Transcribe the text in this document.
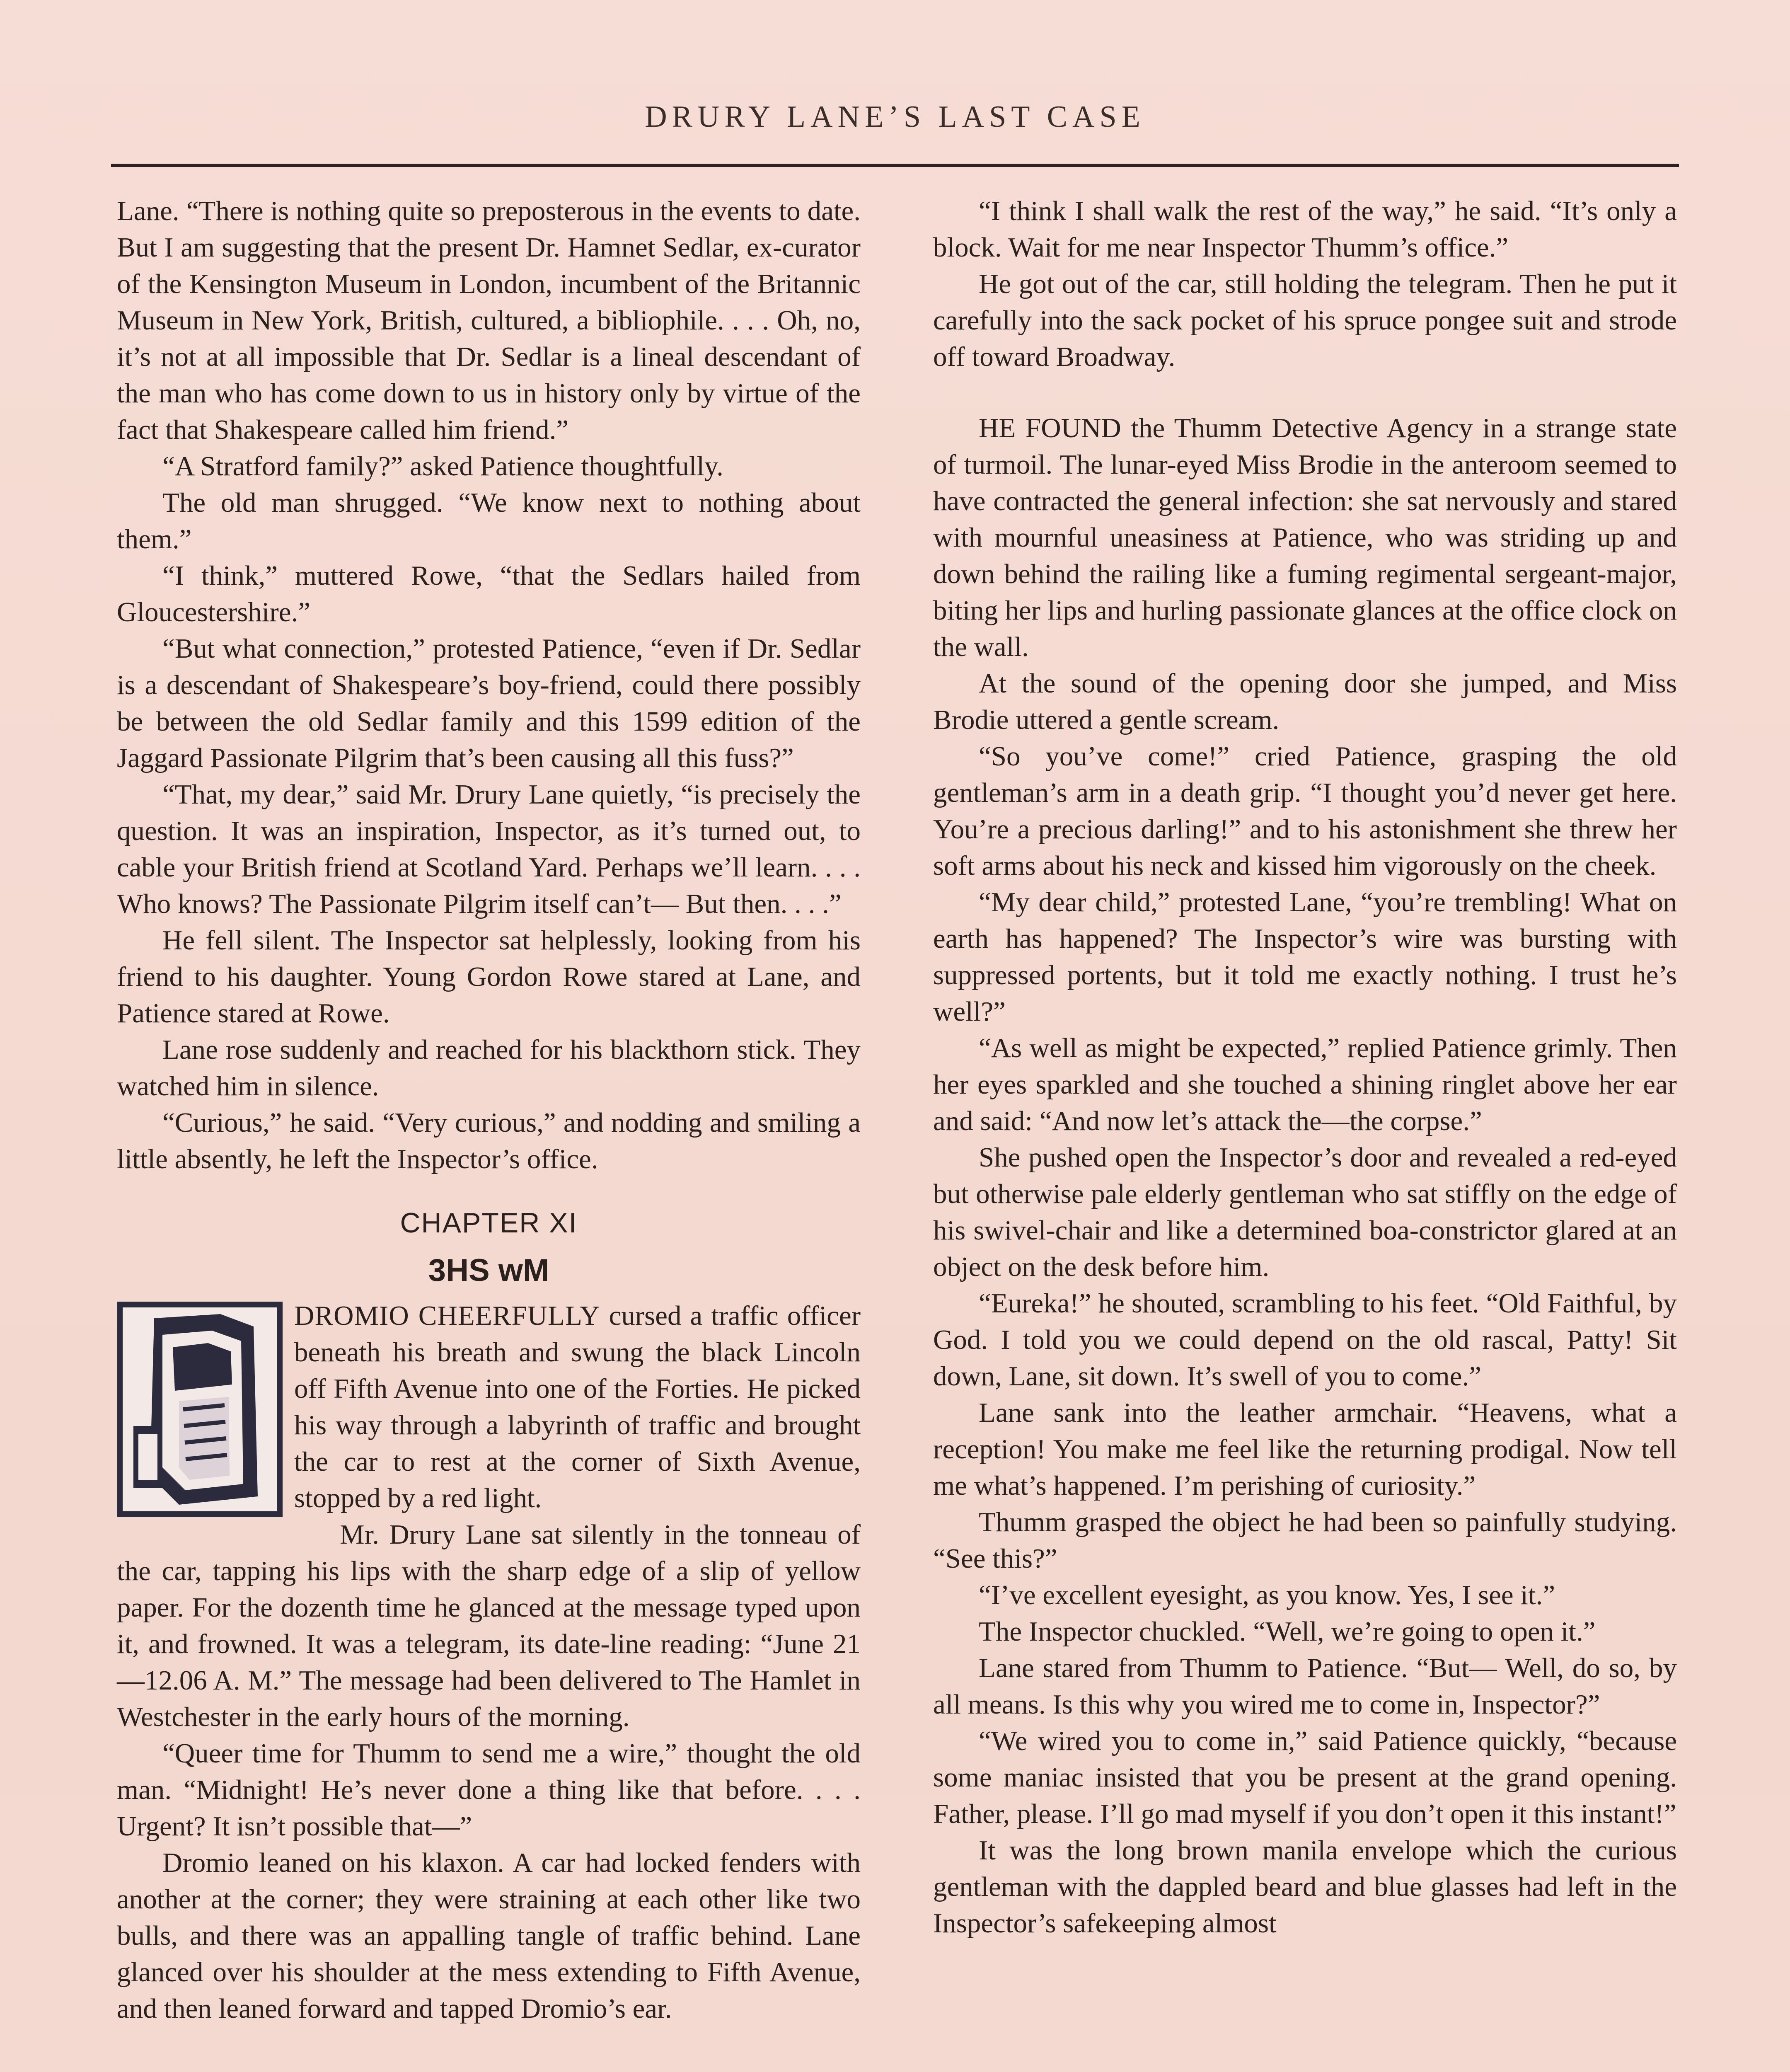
DRURY LANE’S LAST CASE

Lane. “There is nothing quite so preposterous in the events to date. But I am suggesting that the present Dr. Hamnet Sedlar, ex-curator of the Kensington Museum in London, incumbent of the Britannic Museum in New York, British, cultured, a bibliophile. . . . Oh, no, it’s not at all impossible that Dr. Sedlar is a lineal descendant of the man who has come down to us in history only by virtue of the fact that Shakespeare called him friend.”

“A Stratford family?” asked Patience thoughtfully.

The old man shrugged. “We know next to nothing about them.”

“I think,” muttered Rowe, “that the Sedlars hailed from Gloucestershire.”

“But what connection,” protested Patience, “even if Dr. Sedlar is a descendant of Shakespeare’s boy-friend, could there possibly be between the old Sedlar family and this 1599 edition of the Jaggard Passionate Pilgrim that’s been causing all this fuss?”

“That, my dear,” said Mr. Drury Lane quietly, “is precisely the question. It was an inspiration, Inspector, as it’s turned out, to cable your British friend at Scotland Yard. Perhaps we’ll learn. . . . Who knows? The Passionate Pilgrim itself can’t— But then. . . .”

He fell silent. The Inspector sat helplessly, looking from his friend to his daughter. Young Gordon Rowe stared at Lane, and Patience stared at Rowe.

Lane rose suddenly and reached for his blackthorn stick. They watched him in silence.

“Curious,” he said. “Very curious,” and nodding and smiling a little absently, he left the Inspector’s office.

CHAPTER XI
3HS wM

DROMIO CHEERFULLY cursed a traffic officer beneath his breath and swung the black Lincoln off Fifth Avenue into one of the Forties. He picked his way through a labyrinth of traffic and brought the car to rest at the corner of Sixth Avenue, stopped by a red light.

Mr. Drury Lane sat silently in the tonneau of the car, tapping his lips with the sharp edge of a slip of yellow paper. For the dozenth time he glanced at the message typed upon it, and frowned. It was a telegram, its date-line reading: “June 21—12.06 A. M.” The message had been delivered to The Hamlet in Westchester in the early hours of the morning.

“Queer time for Thumm to send me a wire,” thought the old man. “Midnight! He’s never done a thing like that before. . . . Urgent? It isn’t possible that—”

Dromio leaned on his klaxon. A car had locked fenders with another at the corner; they were straining at each other like two bulls, and there was an appalling tangle of traffic behind. Lane glanced over his shoulder at the mess extending to Fifth Avenue, and then leaned forward and tapped Dromio’s ear.

“I think I shall walk the rest of the way,” he said. “It’s only a block. Wait for me near Inspector Thumm’s office.”

He got out of the car, still holding the telegram. Then he put it carefully into the sack pocket of his spruce pongee suit and strode off toward Broadway.

HE FOUND the Thumm Detective Agency in a strange state of turmoil. The lunar-eyed Miss Brodie in the anteroom seemed to have contracted the general infection: she sat nervously and stared with mournful uneasiness at Patience, who was striding up and down behind the railing like a fuming regimental sergeant-major, biting her lips and hurling passionate glances at the office clock on the wall.

At the sound of the opening door she jumped, and Miss Brodie uttered a gentle scream.

“So you’ve come!” cried Patience, grasping the old gentleman’s arm in a death grip. “I thought you’d never get here. You’re a precious darling!” and to his astonishment she threw her soft arms about his neck and kissed him vigorously on the cheek.

“My dear child,” protested Lane, “you’re trembling! What on earth has happened? The Inspector’s wire was bursting with suppressed portents, but it told me exactly nothing. I trust he’s well?”

“As well as might be expected,” replied Patience grimly. Then her eyes sparkled and she touched a shining ringlet above her ear and said: “And now let’s attack the—the corpse.”

She pushed open the Inspector’s door and revealed a red-eyed but otherwise pale elderly gentleman who sat stiffly on the edge of his swivel-chair and like a determined boa-constrictor glared at an object on the desk before him.

“Eureka!” he shouted, scrambling to his feet. “Old Faithful, by God. I told you we could depend on the old rascal, Patty! Sit down, Lane, sit down. It’s swell of you to come.”

Lane sank into the leather armchair. “Heavens, what a reception! You make me feel like the returning prodigal. Now tell me what’s happened. I’m perishing of curiosity.”

Thumm grasped the object he had been so painfully studying. “See this?”

“I’ve excellent eyesight, as you know. Yes, I see it.”

The Inspector chuckled. “Well, we’re going to open it.”

Lane stared from Thumm to Patience. “But— Well, do so, by all means. Is this why you wired me to come in, Inspector?”

“We wired you to come in,” said Patience quickly, “because some maniac insisted that you be present at the grand opening. Father, please. I’ll go mad myself if you don’t open it this instant!”

It was the long brown manila envelope which the curious gentleman with the dappled beard and blue glasses had left in the Inspector’s safekeeping almost
